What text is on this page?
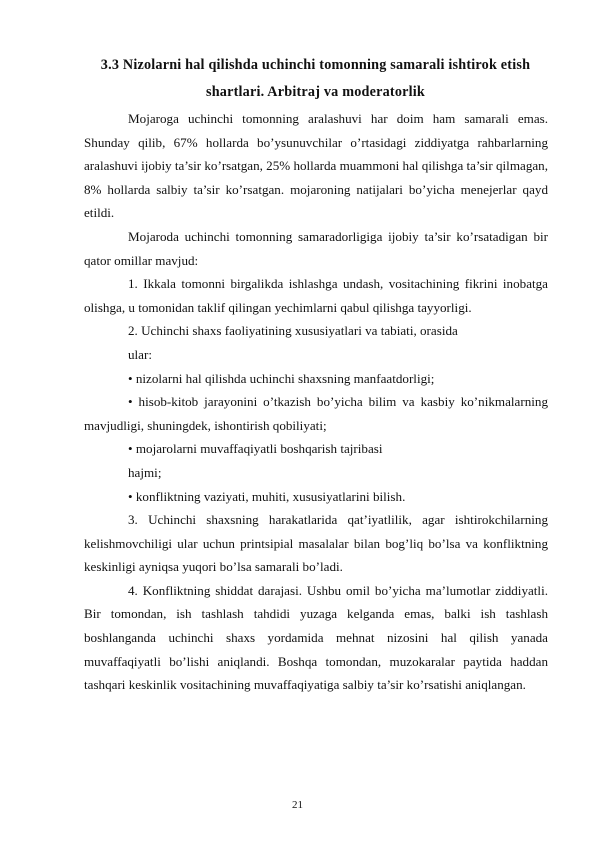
3.3 Nizolarni hal qilishda uchinchi tomonning samarali ishtirok etish shartlari. Arbitraj va moderatorlik

Mojaroga uchinchi tomonning aralashuvi har doim ham samarali emas. Shunday qilib, 67% hollarda bo’ysunuvchilar o’rtasidagi ziddiyatga rahbarlarning aralashuvi ijobiy ta’sir ko’rsatgan, 25% hollarda muammoni hal qilishga ta’sir qilmagan, 8% hollarda salbiy ta’sir ko’rsatgan. mojaroning natijalari bo’yicha menejerlar qayd etildi.

Mojaroda uchinchi tomonning samaradorligiga ijobiy ta’sir ko’rsatadigan bir qator omillar mavjud:

1. Ikkala tomonni birgalikda ishlashga undash, vositachining fikrini inobatga olishga, u tomonidan taklif qilingan yechimlarni qabul qilishga tayyorligi.

2. Uchinchi shaxs faoliyatining xususiyatlari va tabiati, orasida

ular:

• nizolarni hal qilishda uchinchi shaxsning manfaatdorligi;

• hisob-kitob jarayonini o’tkazish bo’yicha bilim va kasbiy ko’nikmalarning mavjudligi, shuningdek, ishontirish qobiliyati;

• mojarolarni muvaffaqiyatli boshqarish tajribasi

hajmi;

• konfliktning vaziyati, muhiti, xususiyatlarini bilish.

3. Uchinchi shaxsning harakatlarida qat’iyatlilik, agar ishtirokchilarning kelishmovchiligi ular uchun printsipial masalalar bilan bog’liq bo’lsa va konfliktning keskinligi ayniqsa yuqori bo’lsa samarali bo’ladi.

4. Konfliktning shiddat darajasi. Ushbu omil bo’yicha ma’lumotlar ziddiyatli. Bir tomondan, ish tashlash tahdidi yuzaga kelganda emas, balki ish tashlash boshlanganda uchinchi shaxs yordamida mehnat nizosini hal qilish yanada muvaffaqiyatli bo’lishi aniqlandi. Boshqa tomondan, muzokaralar paytida haddan tashqari keskinlik vositachining muvaffaqiyatiga salbiy ta’sir ko’rsatishi aniqlangan.

21
